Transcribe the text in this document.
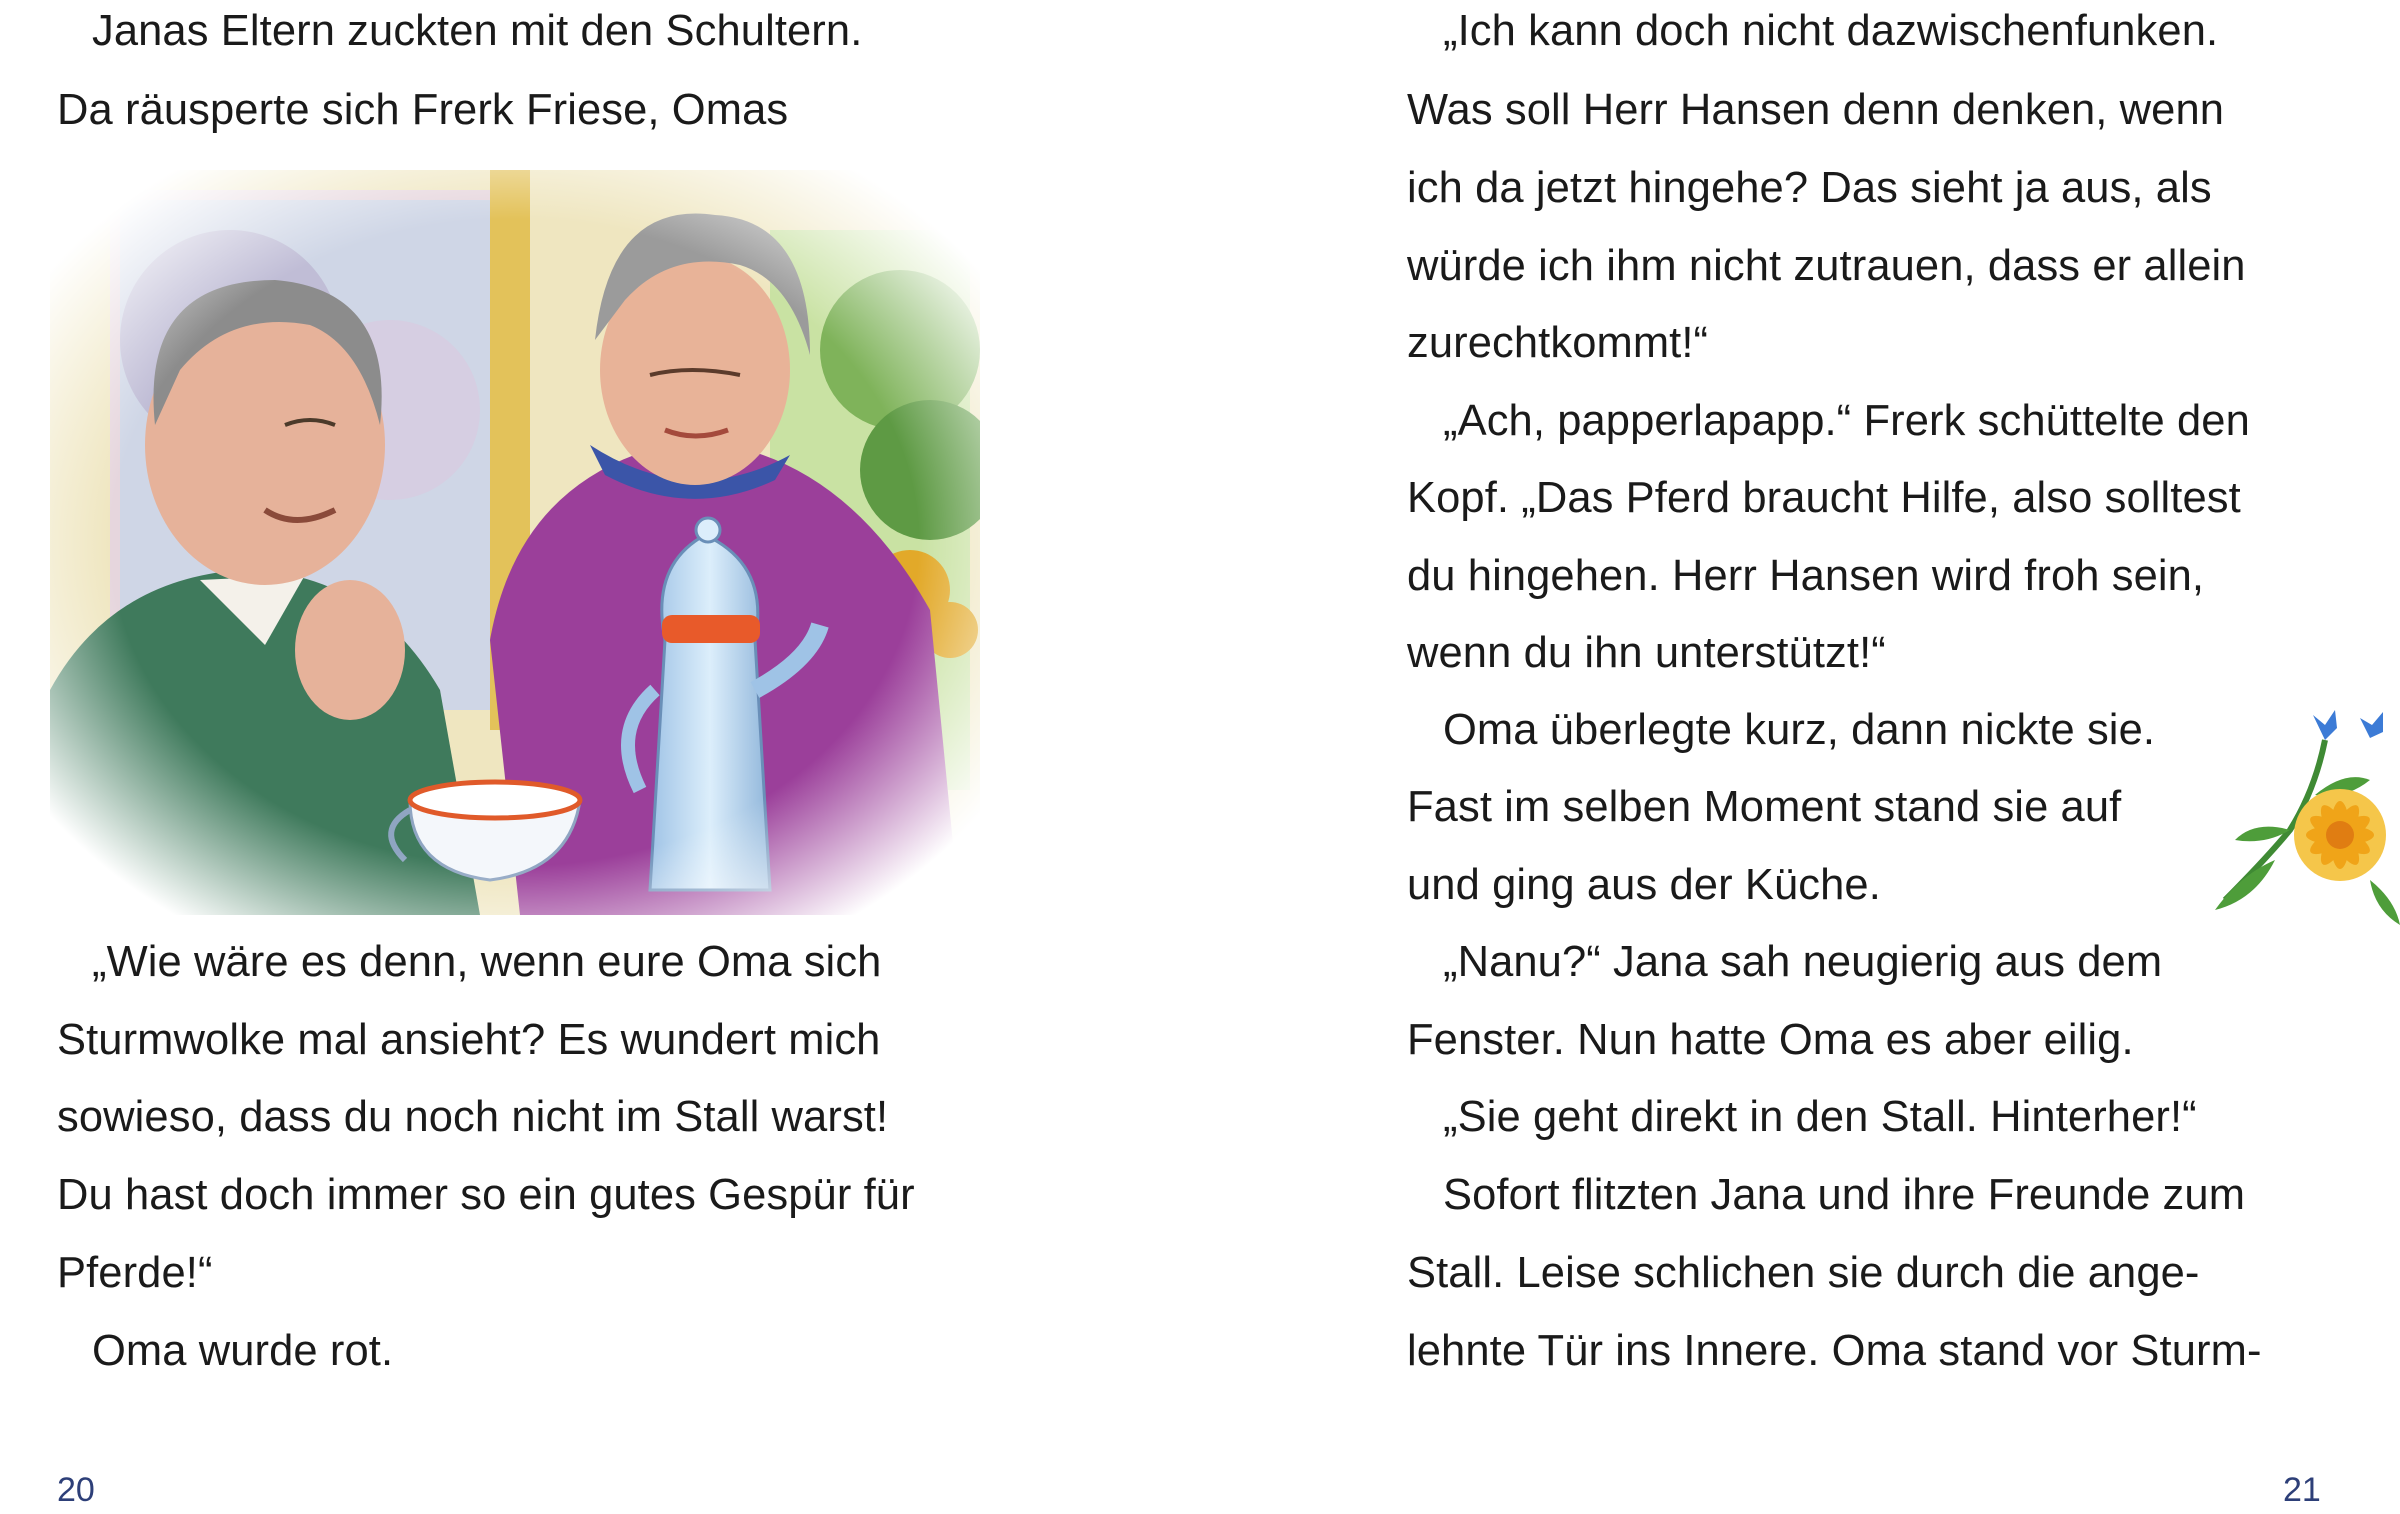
Janas Eltern zuckten mit den Schultern.
Da räusperte sich Frerk Friese, Omas
„Wie wäre es denn, wenn eure Oma sich
Sturmwolke mal ansieht? Es wundert mich
sowieso, dass du noch nicht im Stall warst!
Du hast doch immer so ein gutes Gespür für
Pferde!“
Oma wurde rot.
20
„Ich kann doch nicht dazwischenfunken.
Was soll Herr Hansen denn denken, wenn
ich da jetzt hingehe? Das sieht ja aus, als
würde ich ihm nicht zutrauen, dass er allein
zurechtkommt!“
„Ach, papperlapapp.“ Frerk schüttelte den
Kopf. „Das Pferd braucht Hilfe, also solltest
du hingehen. Herr Hansen wird froh sein,
wenn du ihn unterstützt!“
Oma überlegte kurz, dann nickte sie.
Fast im selben Moment stand sie auf
und ging aus der Küche.
„Nanu?“ Jana sah neugierig aus dem
Fenster. Nun hatte Oma es aber eilig.
„Sie geht direkt in den Stall. Hinterher!“
Sofort flitzten Jana und ihre Freunde zum
Stall. Leise schlichen sie durch die ange-
lehnte Tür ins Innere. Oma stand vor Sturm-
21
